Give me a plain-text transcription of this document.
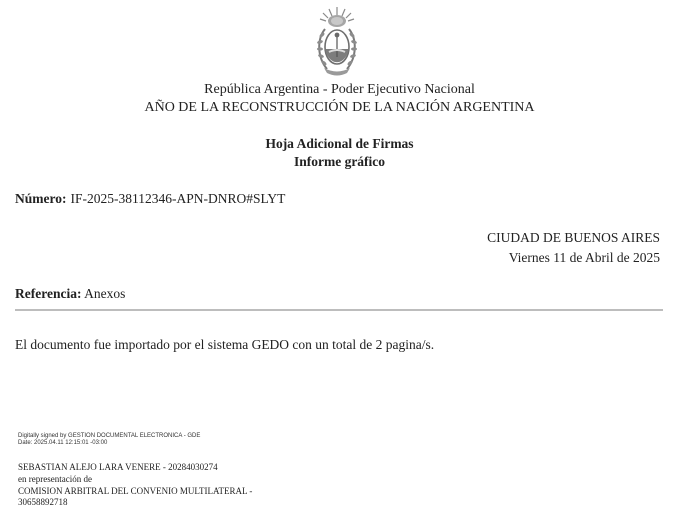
República Argentina - Poder Ejecutivo Nacional
AÑO DE LA RECONSTRUCCIÓN DE LA NACIÓN ARGENTINA
Hoja Adicional de Firmas
Informe gráfico
Número: IF-2025-38112346-APN-DNRO#SLYT
CIUDAD DE BUENOS AIRES
Viernes 11 de Abril de 2025
Referencia: Anexos
El documento fue importado por el sistema GEDO con un total de 2 pagina/s.
Digitally signed by GESTION DOCUMENTAL ELECTRONICA - GDE
Date: 2025.04.11 12:15:01 -03:00
SEBASTIAN ALEJO LARA VENERE - 20284030274
en representación de
COMISION ARBITRAL DEL CONVENIO MULTILATERAL -
30658892718
